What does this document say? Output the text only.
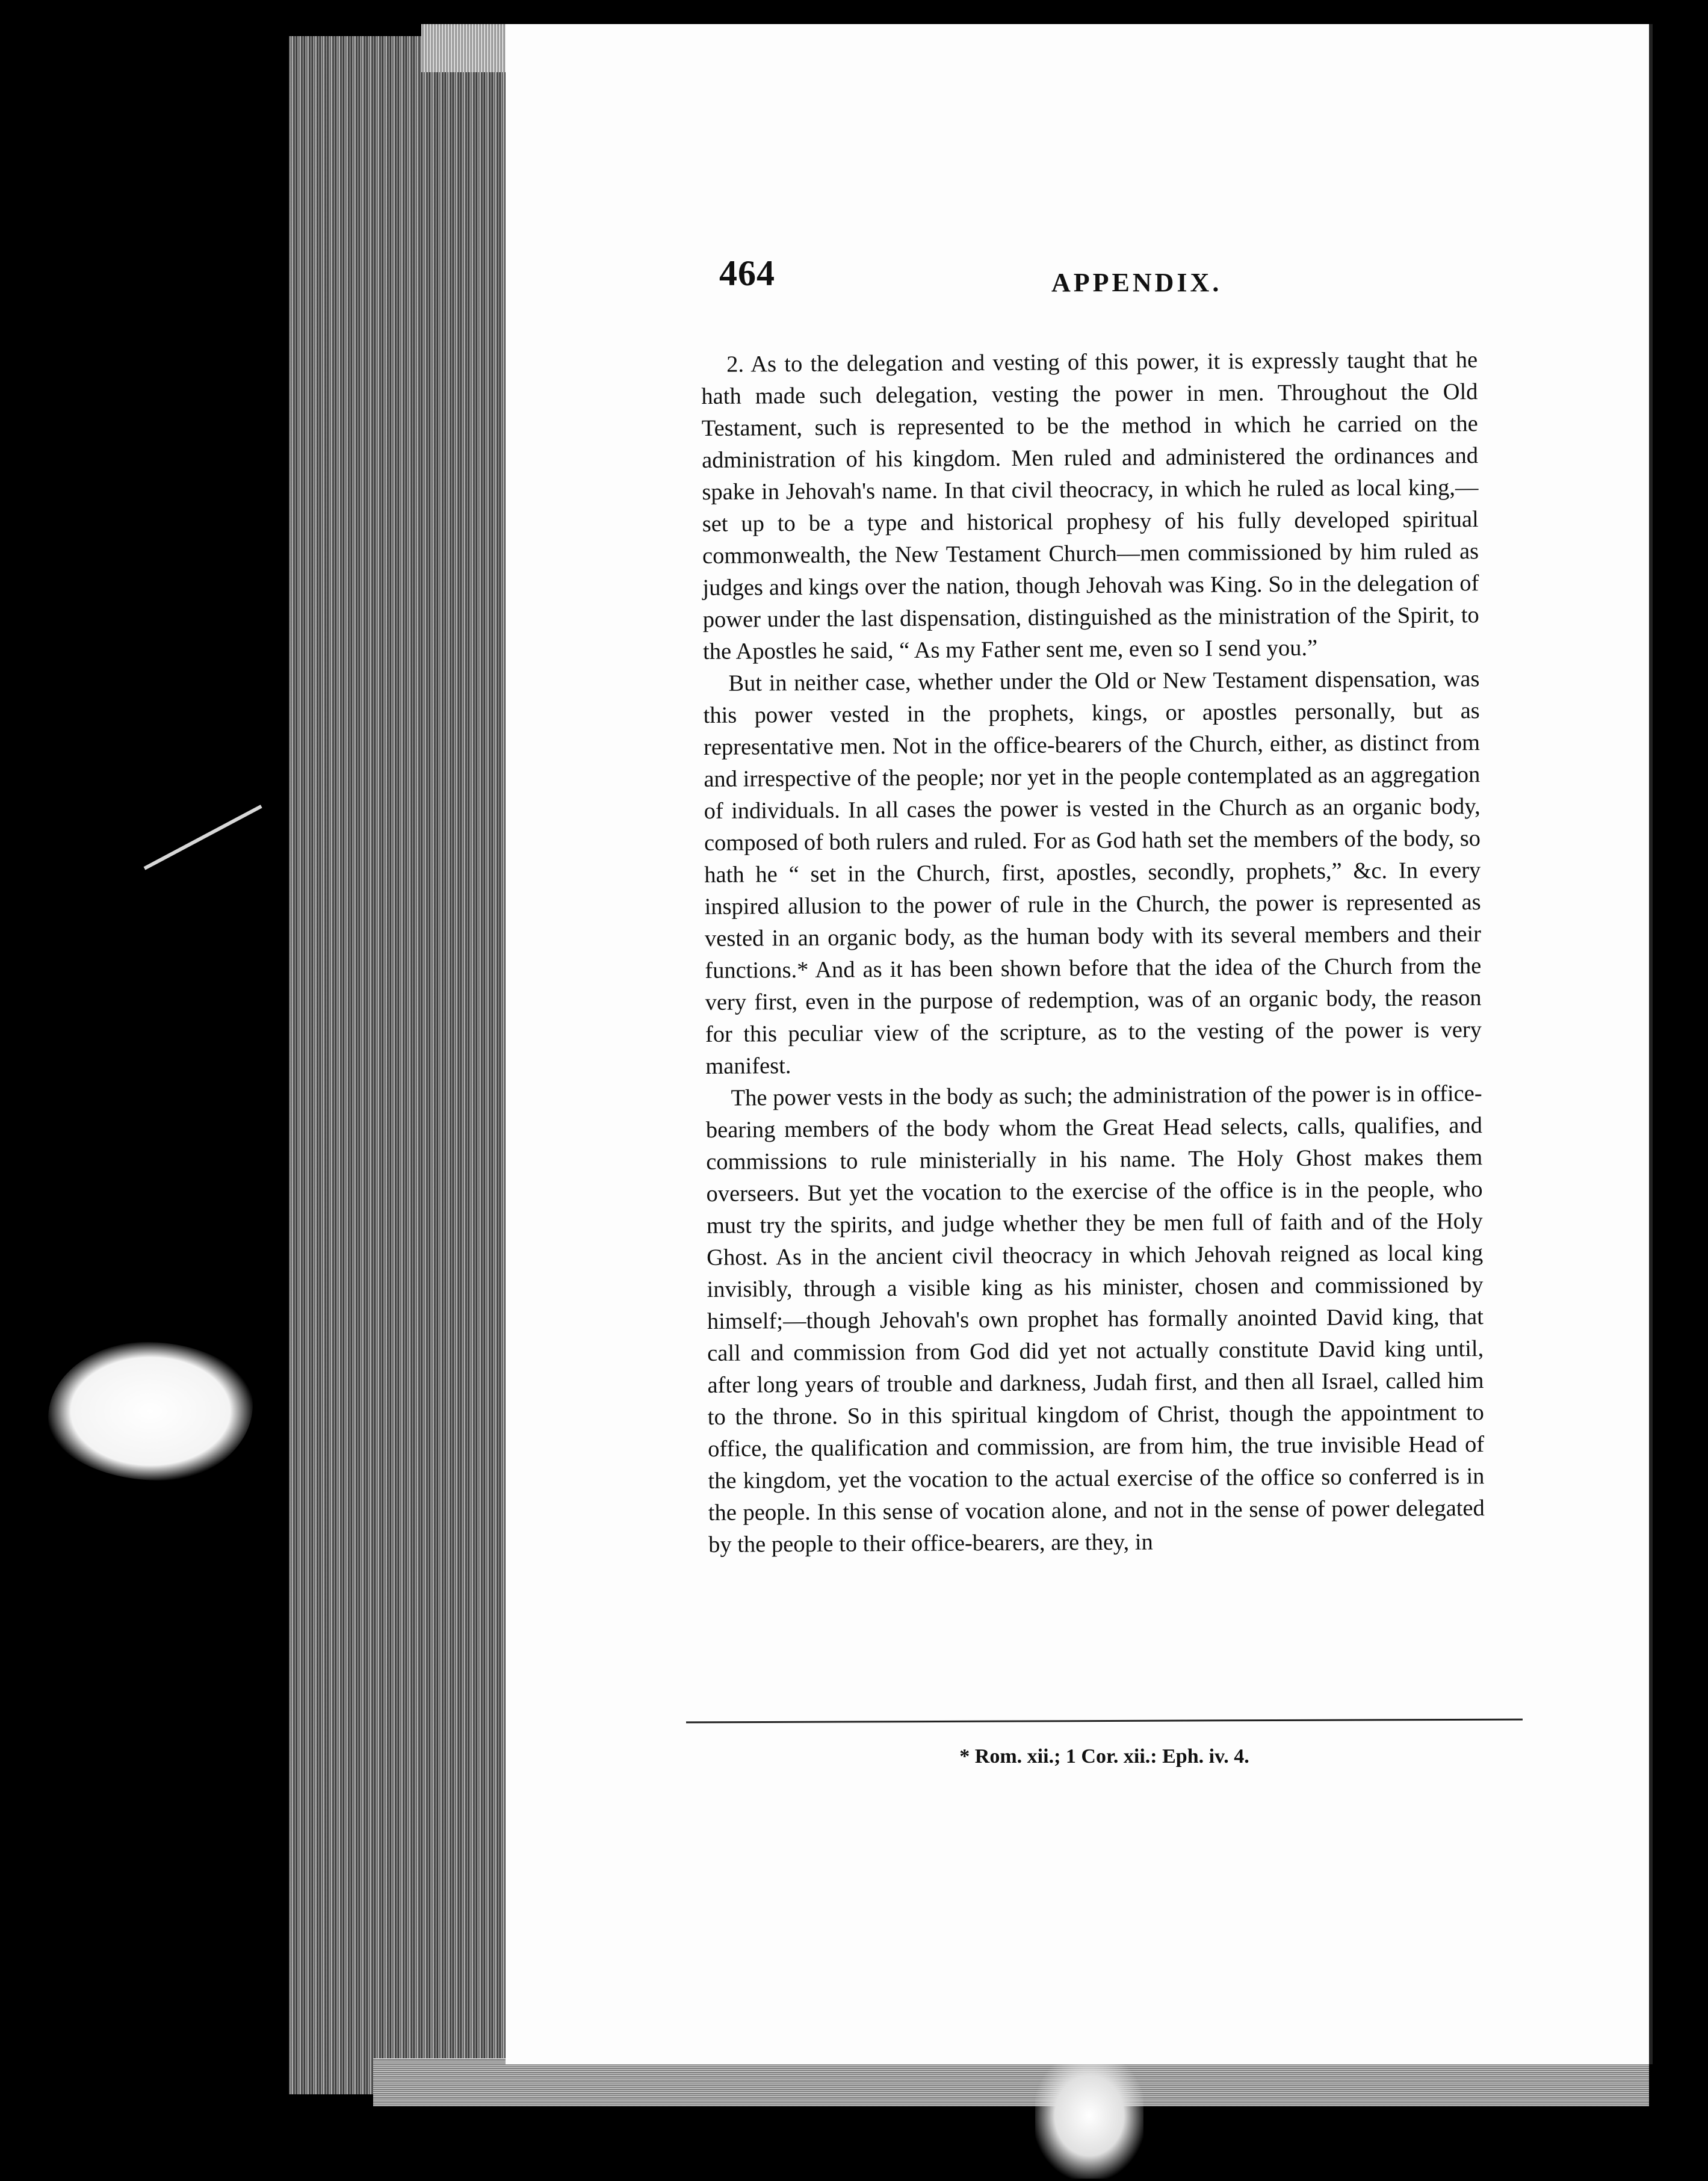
464	APPENDIX.

2. As to the delegation and vesting of this power, it is expressly taught that he hath made such delegation, vesting the power in men. Throughout the Old Testament, such is represented to be the method in which he carried on the administration of his kingdom. Men ruled and administered the ordinances and spake in Jehovah's name. In that civil theocracy, in which he ruled as local king,—set up to be a type and historical prophesy of his fully developed spiritual commonwealth, the New Testament Church—men commissioned by him ruled as judges and kings over the nation, though Jehovah was King. So in the delegation of power under the last dispensation, distinguished as the ministration of the Spirit, to the Apostles he said, “ As my Father sent me, even so I send you.”

But in neither case, whether under the Old or New Testament dispensation, was this power vested in the prophets, kings, or apostles personally, but as representative men. Not in the office-bearers of the Church, either, as distinct from and irrespective of the people; nor yet in the people contemplated as an aggregation of individuals. In all cases the power is vested in the Church as an organic body, composed of both rulers and ruled. For as God hath set the members of the body, so hath he “ set in the Church, first, apostles, secondly, prophets,” &c. In every inspired allusion to the power of rule in the Church, the power is represented as vested in an organic body, as the human body with its several members and their functions.* And as it has been shown before that the idea of the Church from the very first, even in the purpose of redemption, was of an organic body, the reason for this peculiar view of the scripture, as to the vesting of the power is very manifest.

The power vests in the body as such; the administration of the power is in office-bearing members of the body whom the Great Head selects, calls, qualifies, and commissions to rule ministerially in his name. The Holy Ghost makes them overseers. But yet the vocation to the exercise of the office is in the people, who must try the spirits, and judge whether they be men full of faith and of the Holy Ghost. As in the ancient civil theocracy in which Jehovah reigned as local king invisibly, through a visible king as his minister, chosen and commissioned by himself;—though Jehovah's own prophet has formally anointed David king, that call and commission from God did yet not actually constitute David king until, after long years of trouble and darkness, Judah first, and then all Israel, called him to the throne. So in this spiritual kingdom of Christ, though the appointment to office, the qualification and commission, are from him, the true invisible Head of the kingdom, yet the vocation to the actual exercise of the office so conferred is in the people. In this sense of vocation alone, and not in the sense of power delegated by the people to their office-bearers, are they, in

* Rom. xii.; 1 Cor. xii.: Eph. iv. 4.
